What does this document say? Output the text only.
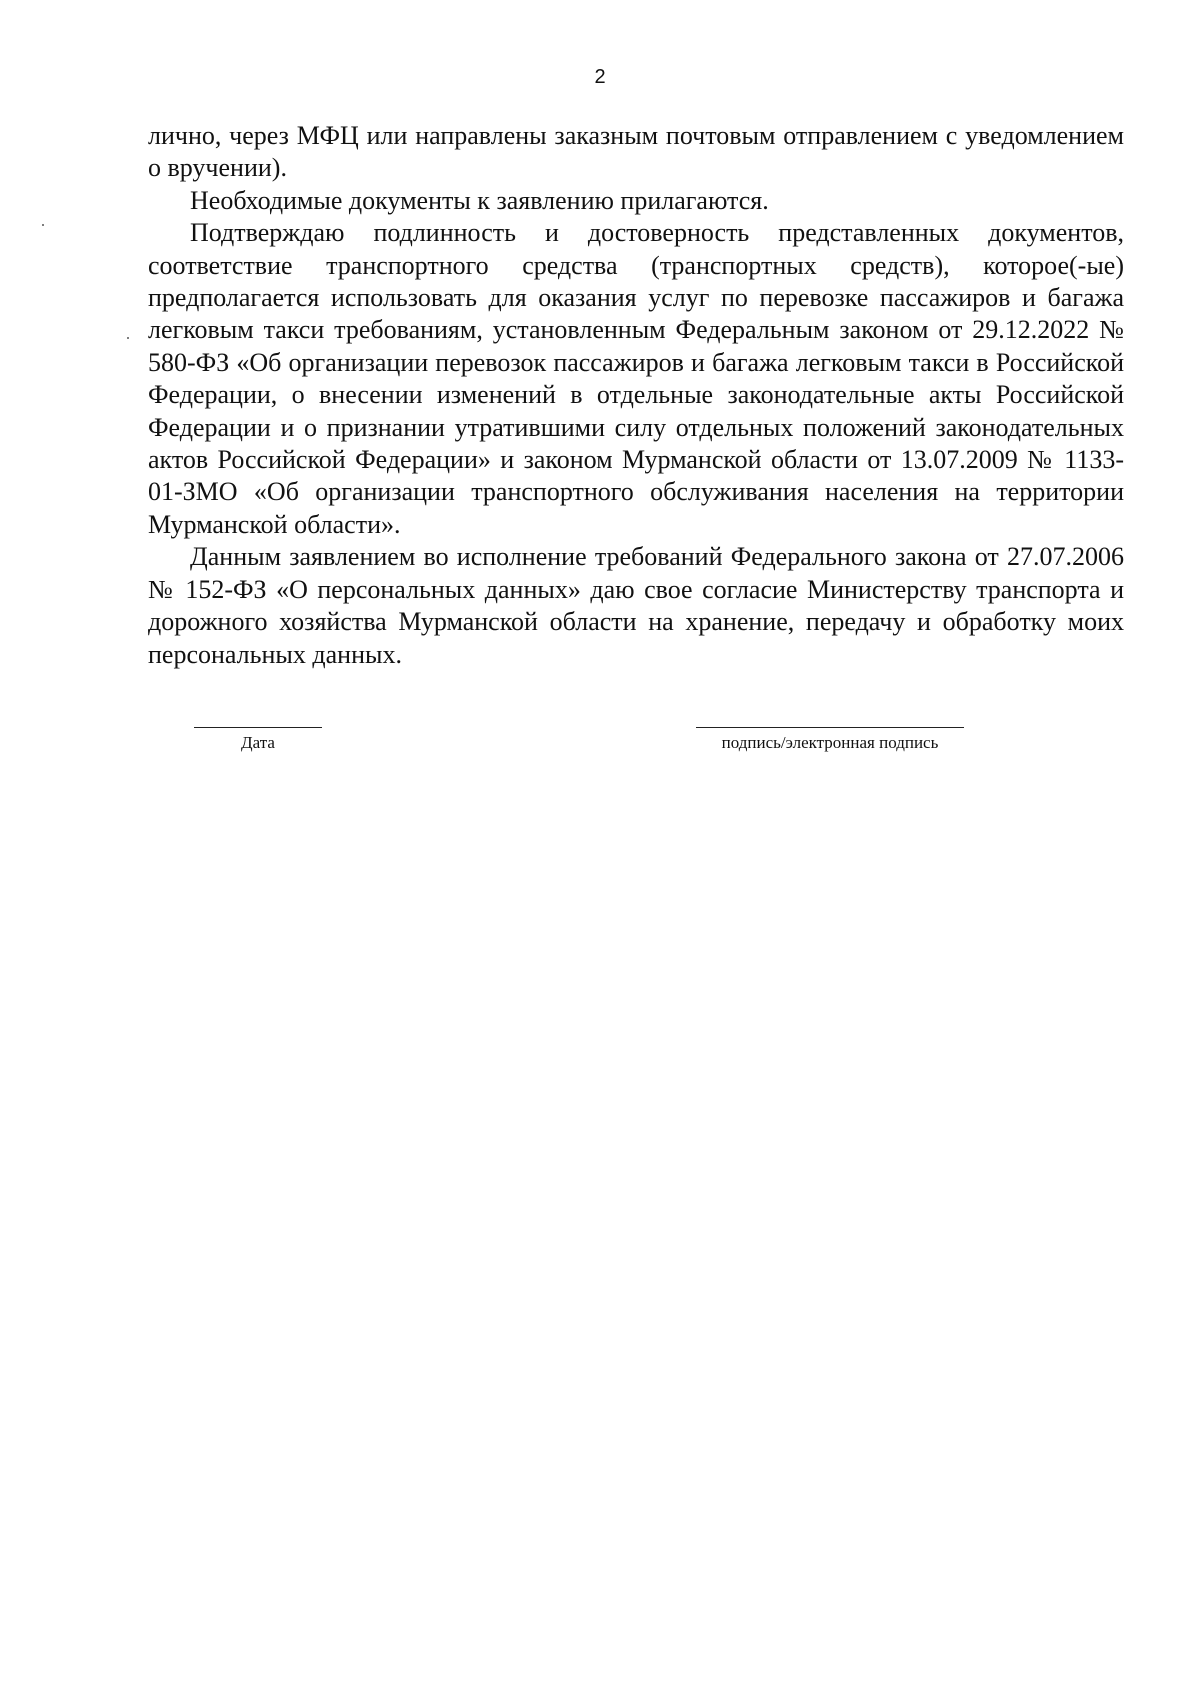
2

лично, через МФЦ или направлены заказным почтовым отправлением с уведомлением о вручении).

Необходимые документы к заявлению прилагаются.

Подтверждаю подлинность и достоверность представленных документов, соответствие транспортного средства (транспортных средств), которое(-ые) предполагается использовать для оказания услуг по перевозке пассажиров и багажа легковым такси требованиям, установленным Федеральным законом от 29.12.2022 № 580-ФЗ «Об организации перевозок пассажиров и багажа легковым такси в Российской Федерации, о внесении изменений в отдельные законодательные акты Российской Федерации и о признании утратившими силу отдельных положений законодательных актов Российской Федерации» и законом Мурманской области от 13.07.2009 № 1133-01-ЗМО «Об организации транспортного обслуживания населения на территории Мурманской области».

Данным заявлением во исполнение требований Федерального закона от 27.07.2006 № 152-ФЗ «О персональных данных» даю свое согласие Министерству транспорта и дорожного хозяйства Мурманской области на хранение, передачу и обработку моих персональных данных.

Дата	подпись/электронная подпись
